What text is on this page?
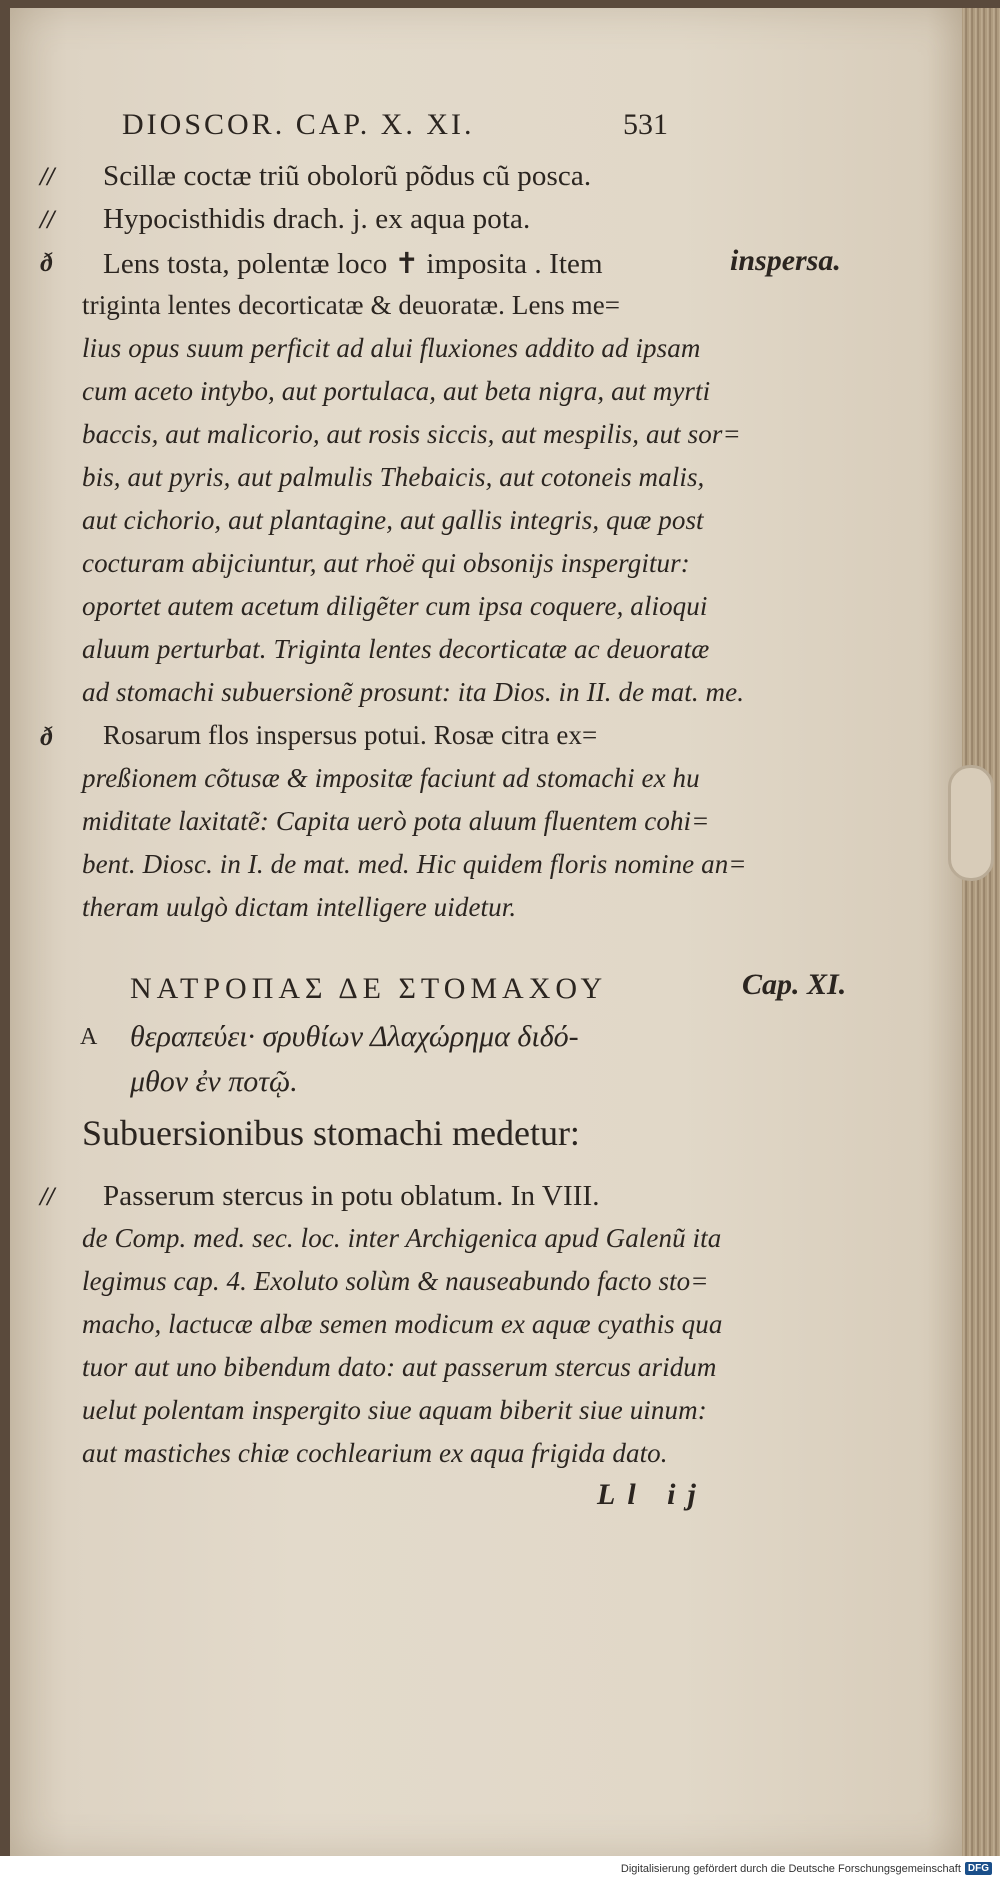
DIOSCOR. CAP. X. XI.	531
//	Scillæ coctæ triũ obolorũ põdus cũ posca.
//	Hypocisthidis drach. j. ex aqua pota.
ð	Lens tosta, polentæ loco ✝ imposita . Item	inspersa.
triginta lentes decorticatæ & deuoratæ. Lens me=
lius opus suum perficit ad alui fluxiones addito ad ipsam
cum aceto intybo, aut portulaca, aut beta nigra, aut myrti
baccis, aut malicorio, aut rosis siccis, aut mespilis, aut sor=
bis, aut pyris, aut palmulis Thebaicis, aut cotoneis malis,
aut cichorio, aut plantagine, aut gallis integris, quæ post
cocturam abijciuntur, aut rhoë qui obsonijs inspergitur:
oportet autem acetum diligẽter cum ipsa coquere, alioqui
aluum perturbat. Triginta lentes decorticatæ ac deuoratæ
ad stomachi subuersionẽ prosunt: ita Dios. in II. de mat. me.
ð	Rosarum flos inspersus potui. Rosæ citra ex=
preßionem cõtusæ & impositæ faciunt ad stomachi ex hu
miditate laxitatẽ: Capita uerò pota aluum fluentem cohi=
bent. Diosc. in I. de mat. med. Hic quidem floris nomine an=
theram uulgò dictam intelligere uidetur.
ΝΑΤΡΟΠΑΣ ΔΕ ΣΤΟΜΑΧΟΥ	Cap. XI.
A θεραπεύει· σρυθίων Δλαχώρημα διδό-
μθον ἐν ποτῷ.
Subuersionibus stomachi medetur:
//	Passerum stercus in potu oblatum. In VIII.
de Comp. med. sec. loc. inter Archigenica apud Galenũ ita
legimus cap. 4. Exoluto solùm & nauseabundo facto sto=
macho, lactucæ albæ semen modicum ex aquæ cyathis qua
tuor aut uno bibendum dato: aut passerum stercus aridum
uelut polentam inspergito siue aquam biberit siue uinum:
aut mastiches chiæ cochlearium ex aqua frigida dato.
Ll ij
Digitalisierung gefördert durch die Deutsche Forschungsgemeinschaft DFG
